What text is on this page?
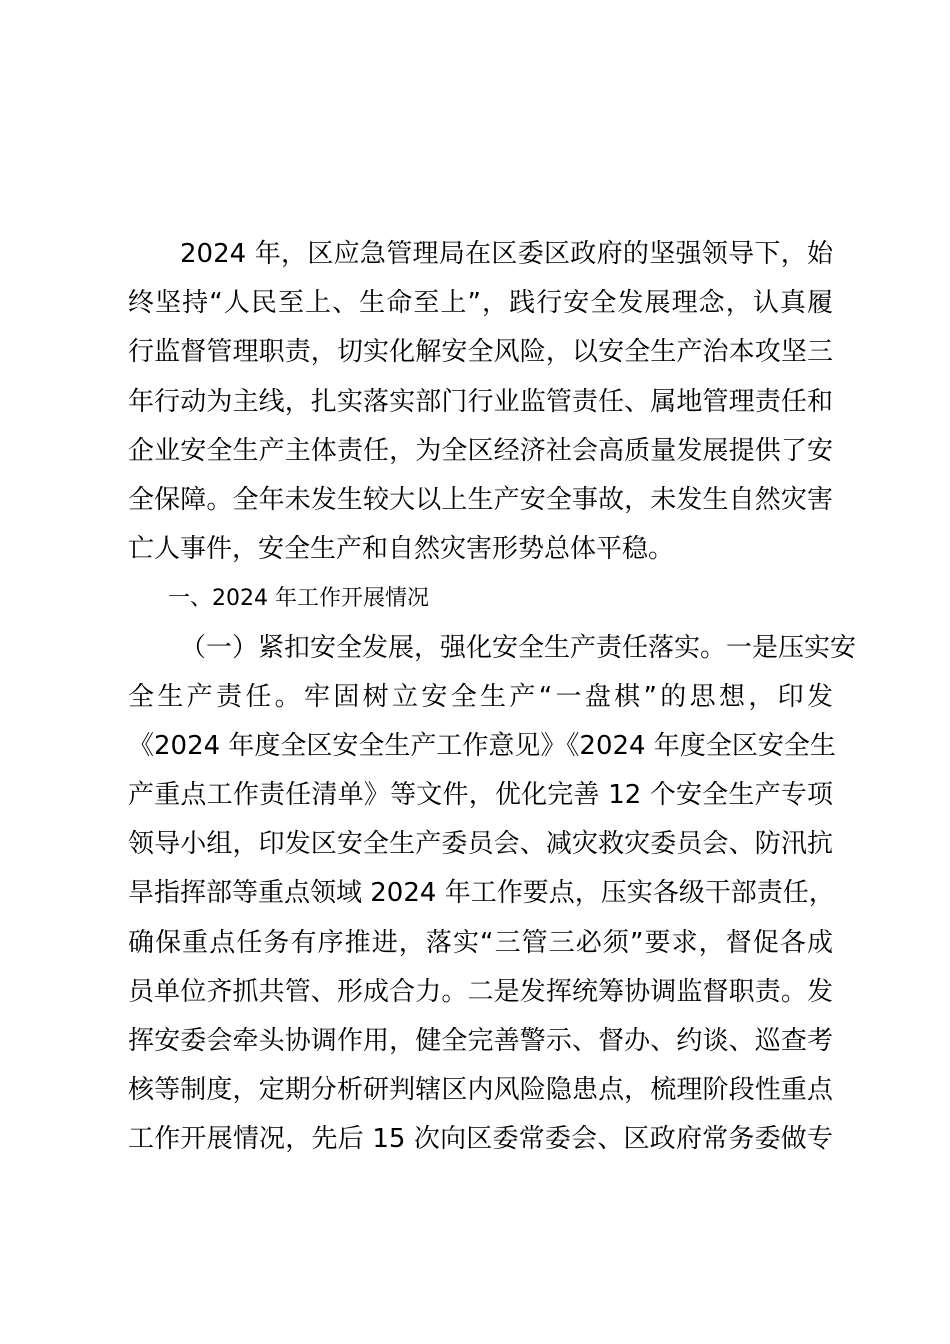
2024 年，区应急管理局在区委区政府的坚强领导下，始
终坚持“人民至上、生命至上”，践行安全发展理念，认真履
行监督管理职责，切实化解安全风险，以安全生产治本攻坚三
年行动为主线，扎实落实部门行业监管责任、属地管理责任和
企业安全生产主体责任，为全区经济社会高质量发展提供了安
全保障。全年未发生较大以上生产安全事故，未发生自然灾害
亡人事件，安全生产和自然灾害形势总体平稳。
一、2024 年工作开展情况
（一）紧扣安全发展，强化安全生产责任落实。一是压实安
全生产责任。牢固树立安全生产“一盘棋”的思想，印发
《2024 年度全区安全生产工作意见》《2024 年度全区安全生
产重点工作责任清单》等文件，优化完善 12 个安全生产专项
领导小组，印发区安全生产委员会、减灾救灾委员会、防汛抗
旱指挥部等重点领域 2024 年工作要点，压实各级干部责任，
确保重点任务有序推进，落实“三管三必须”要求，督促各成
员单位齐抓共管、形成合力。二是发挥统筹协调监督职责。发
挥安委会牵头协调作用，健全完善警示、督办、约谈、巡查考
核等制度，定期分析研判辖区内风险隐患点，梳理阶段性重点
工作开展情况，先后 15 次向区委常委会、区政府常务委做专
